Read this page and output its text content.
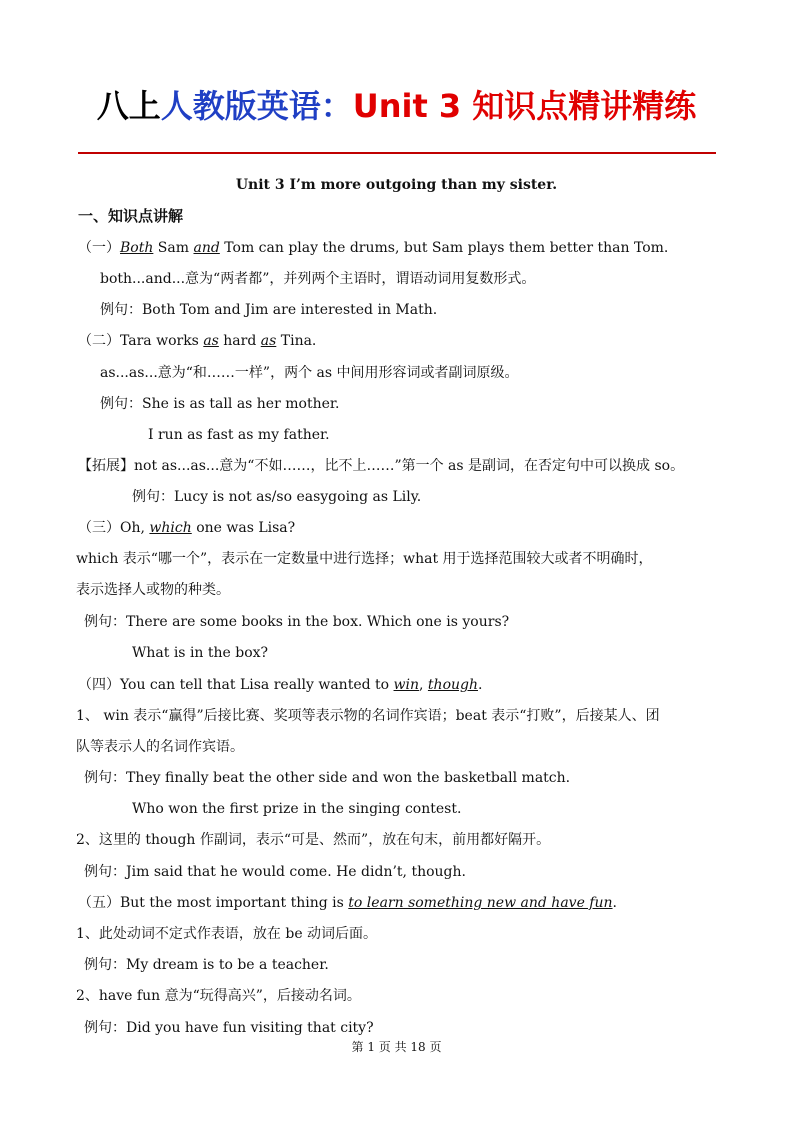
八上人教版英语：Unit 3 知识点精讲精练
Unit 3 I’m more outgoing than my sister.
一、知识点讲解
（一）Both Sam and Tom can play the drums, but Sam plays them better than Tom.
both...and...意为“两者都”，并列两个主语时，谓语动词用复数形式。
例句：Both Tom and Jim are interested in Math.
（二）Tara works as hard as Tina.
as...as...意为“和……一样”，两个 as 中间用形容词或者副词原级。
例句：She is as tall as her mother.
I run as fast as my father.
【拓展】not as...as...意为“不如……，比不上……”第一个 as 是副词，在否定句中可以换成 so。
例句：Lucy is not as/so easygoing as Lily.
（三）Oh, which one was Lisa?
which 表示“哪一个”，表示在一定数量中进行选择；what 用于选择范围较大或者不明确时，
表示选择人或物的种类。
例句：There are some books in the box. Which one is yours?
What is in the box?
（四）You can tell that Lisa really wanted to win, though.
1、 win 表示“赢得”后接比赛、奖项等表示物的名词作宾语；beat 表示“打败”，后接某人、团
队等表示人的名词作宾语。
例句：They finally beat the other side and won the basketball match.
Who won the first prize in the singing contest.
2、这里的 though 作副词，表示“可是、然而”，放在句末，前用都好隔开。
例句：Jim said that he would come. He didn’t, though.
（五）But the most important thing is to learn something new and have fun.
1、此处动词不定式作表语，放在 be 动词后面。
例句：My dream is to be a teacher.
2、have fun 意为“玩得高兴”，后接动名词。
例句：Did you have fun visiting that city?
第 1 页 共 18 页
